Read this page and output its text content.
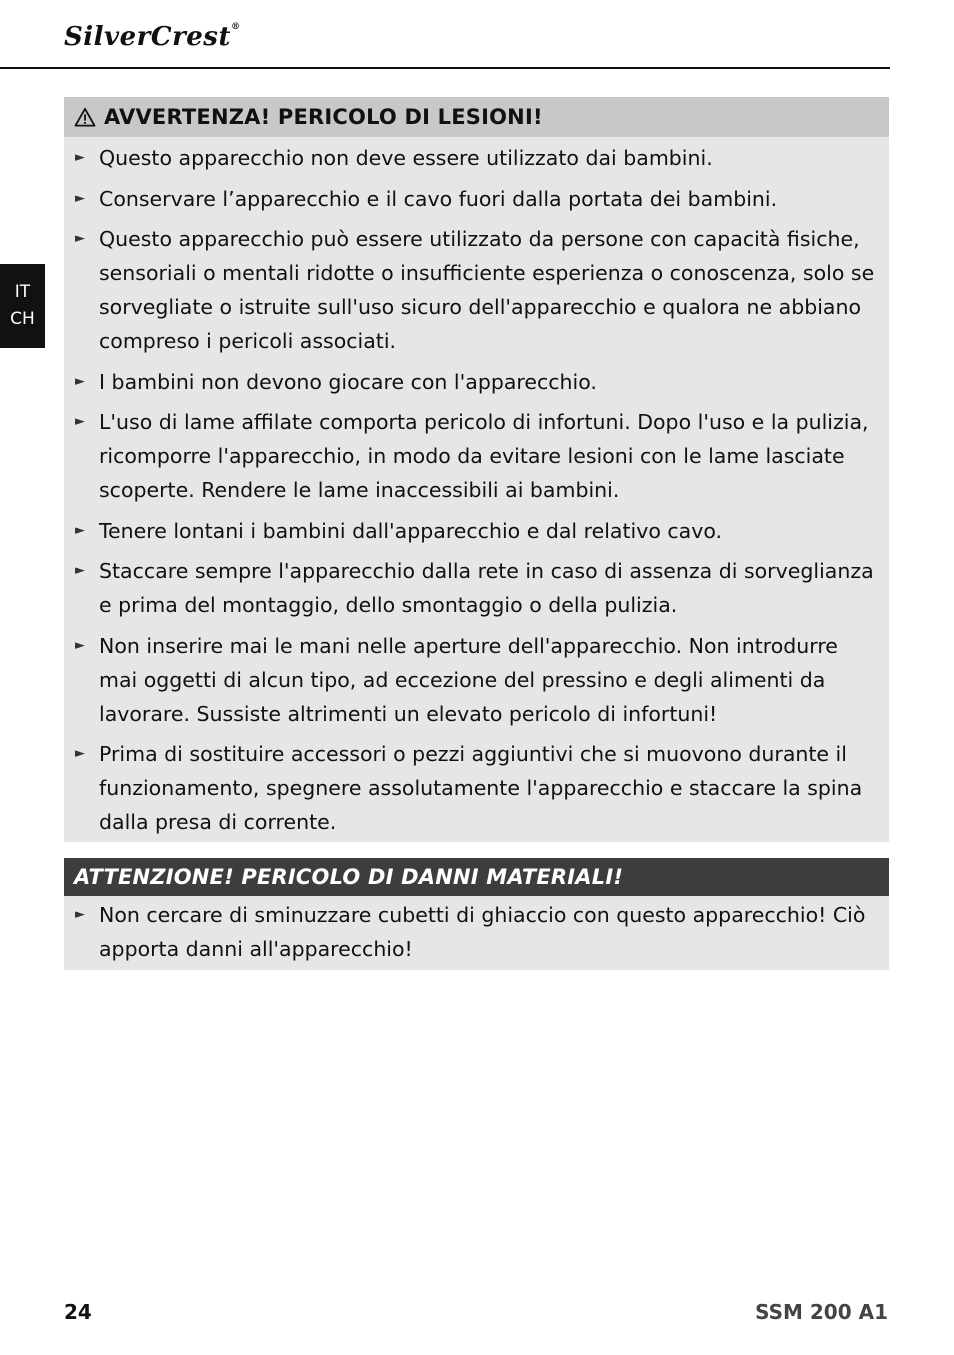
SilverCrest®
IT
CH
AVVERTENZA! PERICOLO DI LESIONI!
► Questo apparecchio non deve essere utilizzato dai bambini.
► Conservare l’apparecchio e il cavo fuori dalla portata dei bambini.
► Questo apparecchio può essere utilizzato da persone con capacità fisiche, sensoriali o mentali ridotte o insufficiente esperienza o conoscenza, solo se sorvegliate o istruite sull'uso sicuro dell'apparecchio e qualora ne abbiano compreso i pericoli associati.
► I bambini non devono giocare con l'apparecchio.
► L'uso di lame affilate comporta pericolo di infortuni. Dopo l'uso e la pulizia, ricomporre l'apparecchio, in modo da evitare lesioni con le lame lasciate scoperte. Rendere le lame inaccessibili ai bambini.
► Tenere lontani i bambini dall'apparecchio e dal relativo cavo.
► Staccare sempre l'apparecchio dalla rete in caso di assenza di sorveglianza e prima del montaggio, dello smontaggio o della pulizia.
► Non inserire mai le mani nelle aperture dell'apparecchio. Non introdurre mai oggetti di alcun tipo, ad eccezione del pressino e degli alimenti da lavorare. Sussiste altrimenti un elevato pericolo di infortuni!
► Prima di sostituire accessori o pezzi aggiuntivi che si muovono durante il funzionamento, spegnere assolutamente l'apparecchio e staccare la spina dalla presa di corrente.
ATTENZIONE! PERICOLO DI DANNI MATERIALI!
► Non cercare di sminuzzare cubetti di ghiaccio con questo apparecchio! Ciò apporta danni all'apparecchio!
24	SSM 200 A1
